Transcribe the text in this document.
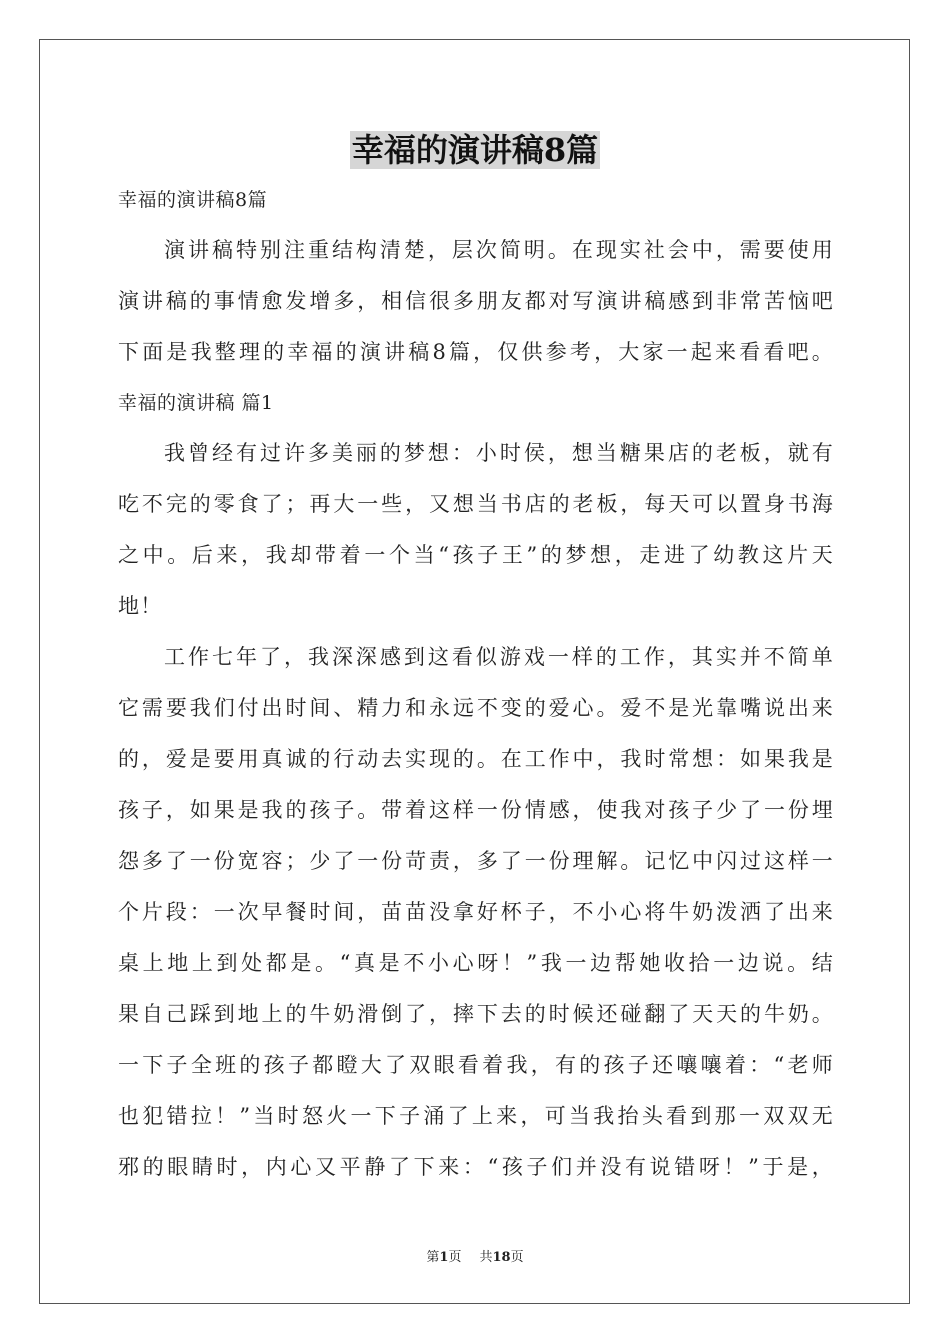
幸福的演讲稿8篇
幸福的演讲稿8篇
演讲稿特别注重结构清楚，层次简明。在现实社会中，需要使用
演讲稿的事情愈发增多，相信很多朋友都对写演讲稿感到非常苦恼吧
下面是我整理的幸福的演讲稿8篇，仅供参考，大家一起来看看吧。
幸福的演讲稿 篇1
我曾经有过许多美丽的梦想：小时侯，想当糖果店的老板，就有
吃不完的零食了；再大一些，又想当书店的老板，每天可以置身书海
之中。后来，我却带着一个当“孩子王”的梦想，走进了幼教这片天
地！
工作七年了，我深深感到这看似游戏一样的工作，其实并不简单
它需要我们付出时间、精力和永远不变的爱心。爱不是光靠嘴说出来
的，爱是要用真诚的行动去实现的。在工作中，我时常想：如果我是
孩子，如果是我的孩子。带着这样一份情感，使我对孩子少了一份埋
怨多了一份宽容；少了一份苛责，多了一份理解。记忆中闪过这样一
个片段：一次早餐时间，苗苗没拿好杯子，不小心将牛奶泼洒了出来
桌上地上到处都是。“真是不小心呀！”我一边帮她收拾一边说。结
果自己踩到地上的牛奶滑倒了，摔下去的时候还碰翻了天天的牛奶。
一下子全班的孩子都瞪大了双眼看着我，有的孩子还嚷嚷着：“老师
也犯错拉！”当时怒火一下子涌了上来，可当我抬头看到那一双双无
邪的眼睛时，内心又平静了下来：“孩子们并没有说错呀！”于是，
第1页 共18页
